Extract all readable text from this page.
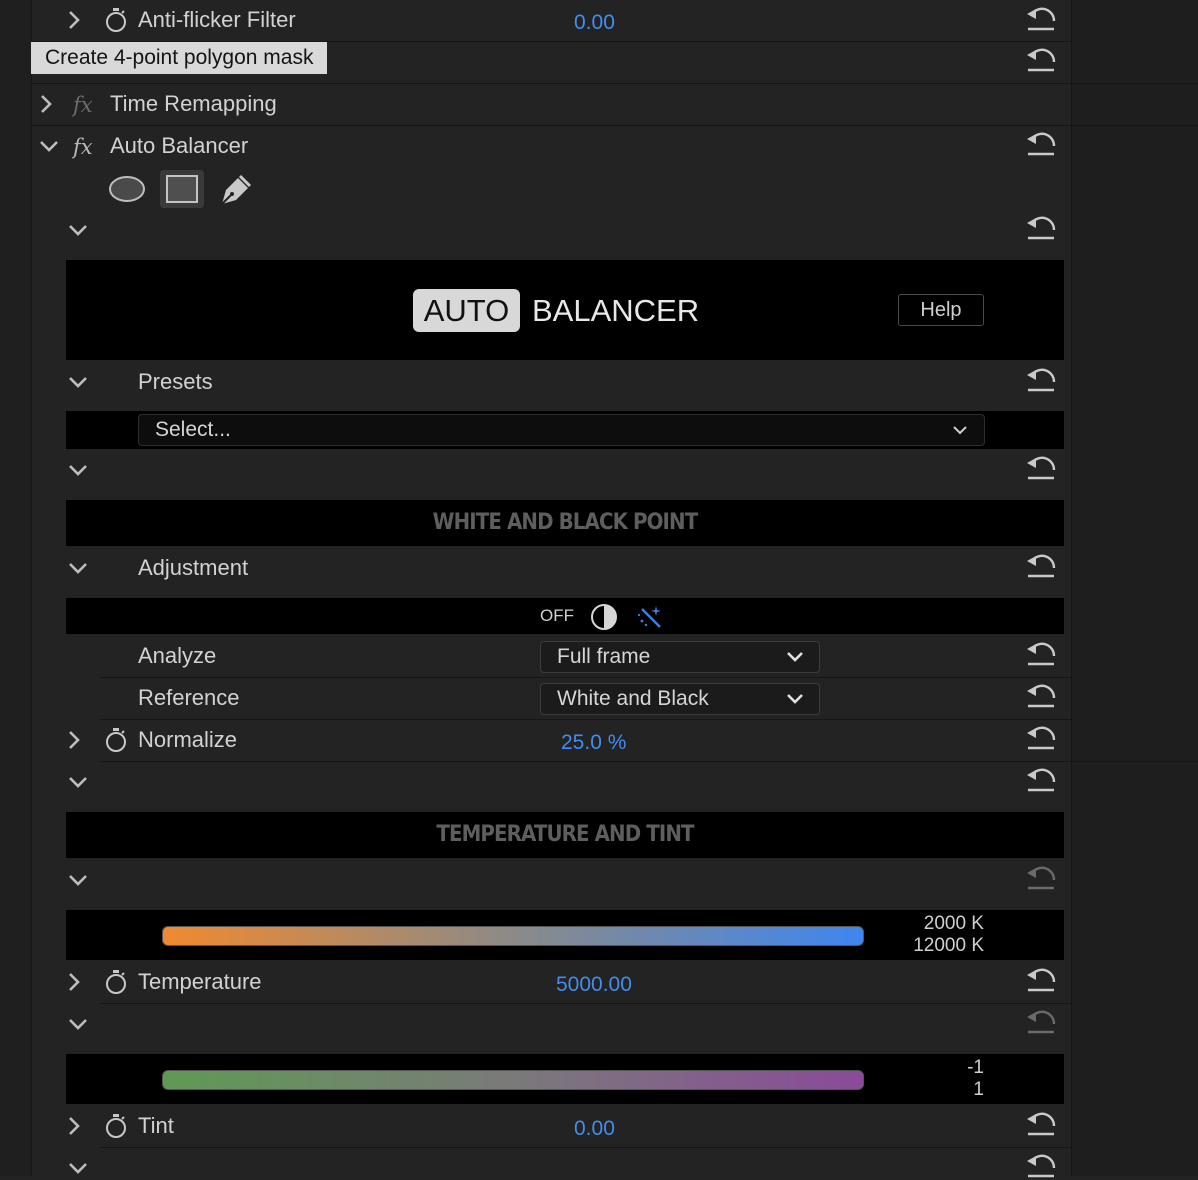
Anti-flicker Filter	0.00
Create 4-point polygon mask
fx Time Remapping
fx Auto Balancer
AUTO BALANCER	Help
Presets
Select...
WHITE AND BLACK POINT
Adjustment
OFF
Analyze	Full frame
Reference	White and Black
Normalize	25.0 %
TEMPERATURE AND TINT
2000 K
12000 K
Temperature	5000.00
-1
1
Tint	0.00
